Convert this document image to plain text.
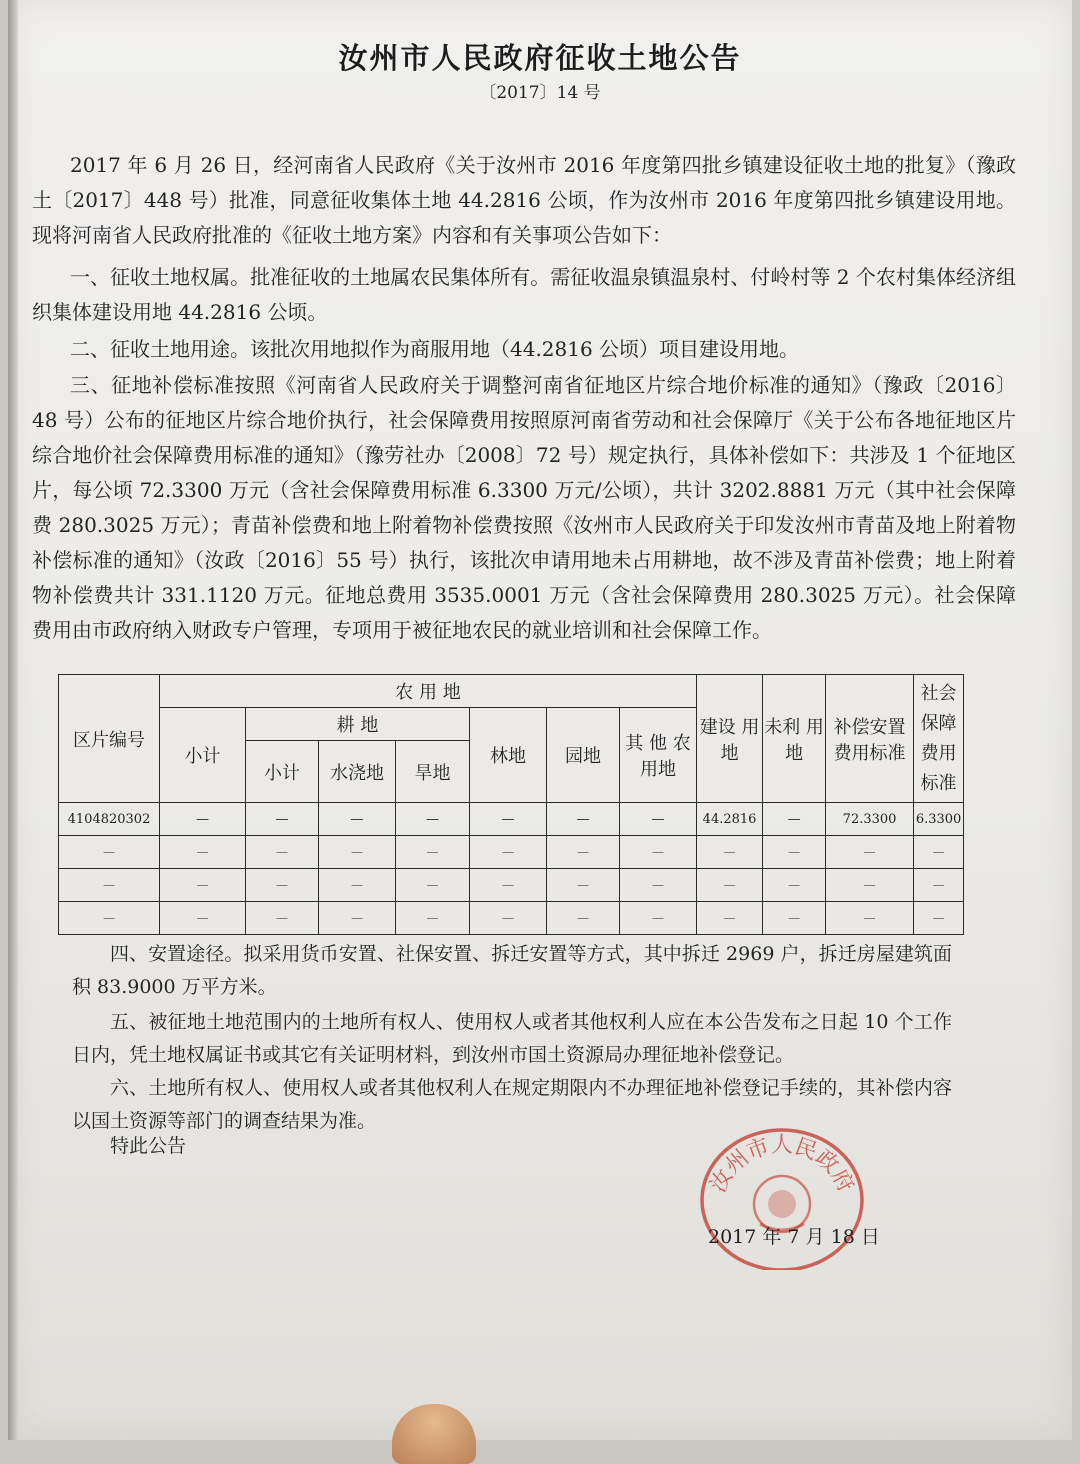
汝州市人民政府征收土地公告
〔2017〕14 号

2017 年 6 月 26 日，经河南省人民政府《关于汝州市 2016 年度第四批乡镇建设征收土地的批复》（豫政土〔2017〕448 号）批准，同意征收集体土地 44.2816 公顷，作为汝州市 2016 年度第四批乡镇建设用地。现将河南省人民政府批准的《征收土地方案》内容和有关事项公告如下：

一、征收土地权属。批准征收的土地属农民集体所有。需征收温泉镇温泉村、付岭村等 2 个农村集体经济组织集体建设用地 44.2816 公顷。

二、征收土地用途。该批次用地拟作为商服用地（44.2816 公顷）项目建设用地。

三、征地补偿标准按照《河南省人民政府关于调整河南省征地区片综合地价标准的通知》（豫政〔2016〕48 号）公布的征地区片综合地价执行，社会保障费用按照原河南省劳动和社会保障厅《关于公布各地征地区片综合地价社会保障费用标准的通知》（豫劳社办〔2008〕72 号）规定执行，具体补偿如下：共涉及 1 个征地区片，每公顷 72.3300 万元（含社会保障费用标准 6.3300 万元/公顷），共计 3202.8881 万元（其中社会保障费 280.3025 万元）；青苗补偿费和地上附着物补偿费按照《汝州市人民政府关于印发汝州市青苗及地上附着物补偿标准的通知》（汝政〔2016〕55 号）执行，该批次申请用地未占用耕地，故不涉及青苗补偿费；地上附着物补偿费共计 331.1120 万元。征地总费用 3535.0001 万元（含社会保障费用 280.3025 万元）。社会保障费用由市政府纳入财政专户管理，专项用于被征地农民的就业培训和社会保障工作。

区片编号	农 用 地							建设 用地	未利 用地	补偿安置 费用标准	社会 保障 费用 标准
	小计	耕 地			林地	园地	其 他 农用地				
		小计	水浇地	旱地							
4104820302	—	—	—	—	—	—	—	44.2816	—	72.3300	6.3300
—	—	—	—	—	—	—	—	—	—	—	—
—	—	—	—	—	—	—	—	—	—	—	—
—	—	—	—	—	—	—	—	—	—	—	—

四、安置途径。拟采用货币安置、社保安置、拆迁安置等方式，其中拆迁 2969 户，拆迁房屋建筑面积 83.9000 万平方米。

五、被征地土地范围内的土地所有权人、使用权人或者其他权利人应在本公告发布之日起 10 个工作日内，凭土地权属证书或其它有关证明材料，到汝州市国土资源局办理征地补偿登记。

六、土地所有权人、使用权人或者其他权利人在规定期限内不办理征地补偿登记手续的，其补偿内容以国土资源等部门的调查结果为准。

特此公告

汝州市人民政府
2017 年 7 月 18 日
